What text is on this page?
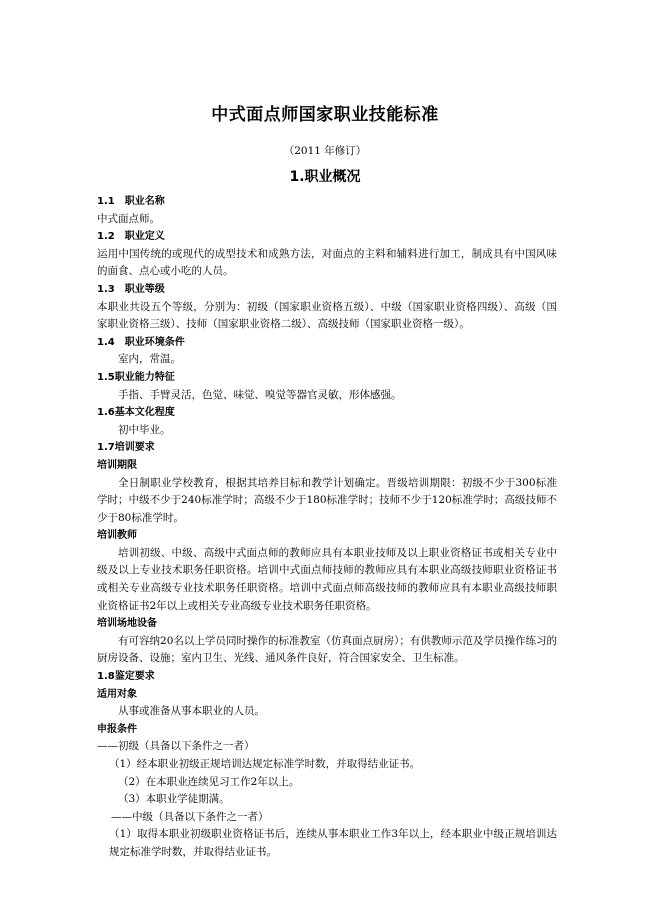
中式面点师国家职业技能标准
（2011 年修订）
1.职业概况

1.1　职业名称

中式面点师。

1.2　职业定义

运用中国传统的或现代的成型技术和成熟方法，对面点的主料和辅料进行加工，制成具有中国风味的面食、点心或小吃的人员。

1.3　职业等级

本职业共设五个等级，分别为：初级（国家职业资格五级）、中级（国家职业资格四级）、高级（国家职业资格三级）、技师（国家职业资格二级）、高级技师（国家职业资格一级）。

1.4　职业环境条件

室内，常温。

1.5职业能力特征

手指、手臂灵活，色觉、味觉、嗅觉等器官灵敏，形体感强。

1.6基本文化程度

初中毕业。

1.7培训要求

培训期限

全日制职业学校教育，根据其培养目标和教学计划确定。晋级培训期限：初级不少于300标准学时；中级不少于240标准学时；高级不少于180标准学时；技师不少于120标准学时；高级技师不少于80标准学时。

培训教师

培训初级、中级、高级中式面点师的教师应具有本职业技师及以上职业资格证书或相关专业中级及以上专业技术职务任职资格。培训中式面点师技师的教师应具有本职业高级技师职业资格证书或相关专业高级专业技术职务任职资格。培训中式面点师高级技师的教师应具有本职业高级技师职业资格证书2年以上或相关专业高级专业技术职务任职资格。

培训场地设备

有可容纳20名以上学员同时操作的标准教室（仿真面点厨房）；有供教师示范及学员操作练习的厨房设备、设施；室内卫生、光线、通风条件良好，符合国家安全、卫生标准。

1.8鉴定要求

适用对象

从事或准备从事本职业的人员。

申报条件

——初级（具备以下条件之一者）

（1）经本职业初级正规培训达规定标准学时数，并取得结业证书。

（2）在本职业连续见习工作2年以上。

（3）本职业学徒期满。

——中级（具备以下条件之一者）

（1）取得本职业初级职业资格证书后，连续从事本职业工作3年以上，经本职业中级正规培训达规定标准学时数，并取得结业证书。
